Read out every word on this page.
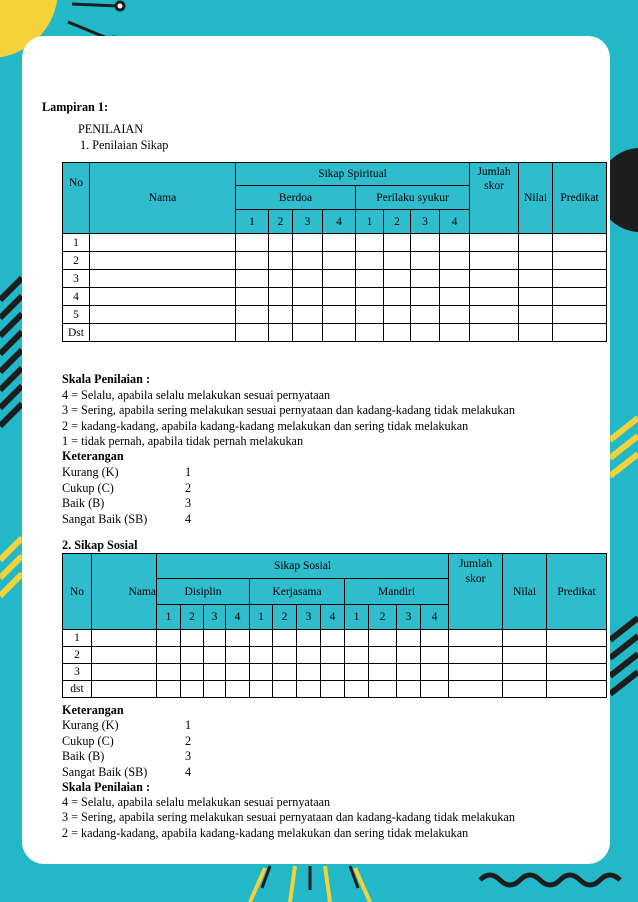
Lampiran 1:
PENILAIAN
1. Penilaian Sikap
No	Nama	Sikap Spiritual								Jumlah skor	Nilai	Predikat
		Berdoa				Perilaku syukur						
		1	2	3	4	1	2	3	4			
1												
2												
3												
4												
5												
Dst												
Skala Penilaian :
4 = Selalu, apabila selalu melakukan sesuai pernyataan
3 = Sering, apabila sering melakukan sesuai pernyataan dan kadang-kadang tidak melakukan
2 = kadang-kadang, apabila kadang-kadang melakukan dan sering tidak melakukan
1 = tidak pernah, apabila tidak pernah melakukan
Keterangan
Kurang (K)	1
Cukup (C)	2
Baik (B)	3
Sangat Baik (SB)	4
2. Sikap Sosial
No	Nama	Sikap Sosial												Jumlah skor	Nilai	Predikat
		Disiplin				Kerjasama				Mandiri						
		1	2	3	4	1	2	3	4	1	2	3	4			
1																
2																
3																
dst																
Keterangan
Kurang (K)	1
Cukup (C)	2
Baik (B)	3
Sangat Baik (SB)	4
Skala Penilaian :
4 = Selalu, apabila selalu melakukan sesuai pernyataan
3 = Sering, apabila sering melakukan sesuai pernyataan dan kadang-kadang tidak melakukan
2 = kadang-kadang, apabila kadang-kadang melakukan dan sering tidak melakukan
